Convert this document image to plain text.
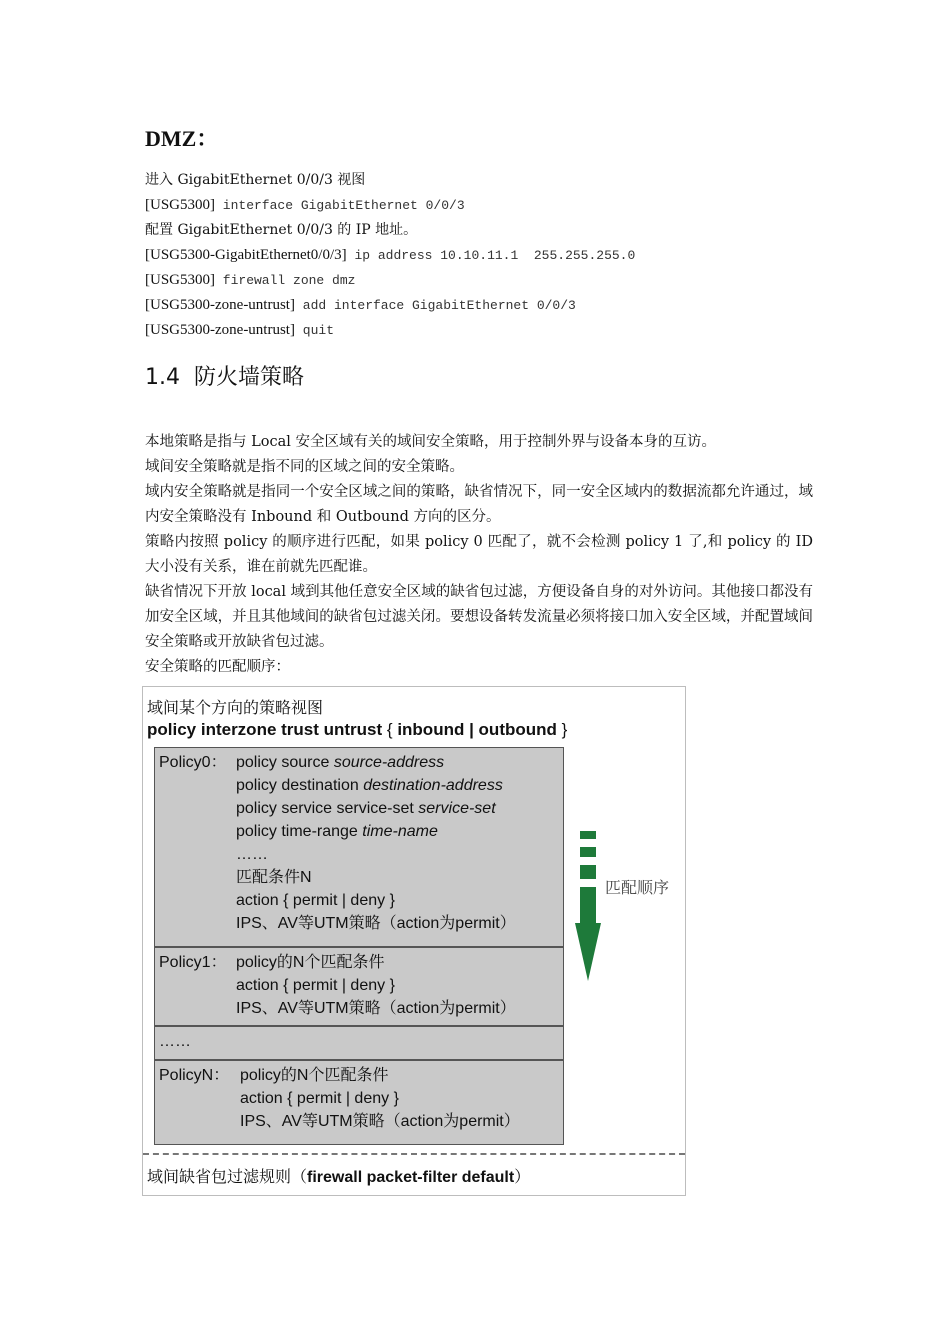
DMZ：
进入 GigabitEthernet 0/0/3 视图
[USG5300] interface GigabitEthernet 0/0/3
配置 GigabitEthernet 0/0/3 的 IP 地址。
[USG5300-GigabitEthernet0/0/3] ip address 10.10.11.1  255.255.255.0
[USG5300] firewall zone dmz
[USG5300-zone-untrust] add interface GigabitEthernet 0/0/3
[USG5300-zone-untrust] quit
1.4 防火墙策略

本地策略是指与 Local 安全区域有关的域间安全策略，用于控制外界与设备本身的互访。

域间安全策略就是指不同的区域之间的安全策略。

域内安全策略就是指同一个安全区域之间的策略，缺省情况下，同一安全区域内的数据流都允许通过，域内安全策略没有 Inbound 和 Outbound 方向的区分。

策略内按照 policy 的顺序进行匹配，如果 policy 0 匹配了，就不会检测 policy 1 了,和 policy 的 ID 大小没有关系，谁在前就先匹配谁。

缺省情况下开放 local 域到其他任意安全区域的缺省包过滤，方便设备自身的对外访问。其他接口都没有加安全区域，并且其他域间的缺省包过滤关闭。要想设备转发流量必须将接口加入安全区域，并配置域间安全策略或开放缺省包过滤。

安全策略的匹配顺序：

域间某个方向的策略视图
policy interzone trust untrust { inbound | outbound }
Policy0： policy source source-address
policy destination destination-address
policy service service-set service-set
policy time-range time-name
……
匹配条件N
action { permit | deny }
IPS、AV等UTM策略（action为permit）
Policy1： policy的N个匹配条件
action { permit | deny }
IPS、AV等UTM策略（action为permit）
……
PolicyN： policy的N个匹配条件
action { permit | deny }
IPS、AV等UTM策略（action为permit）
匹配顺序
域间缺省包过滤规则（firewall packet-filter default）
